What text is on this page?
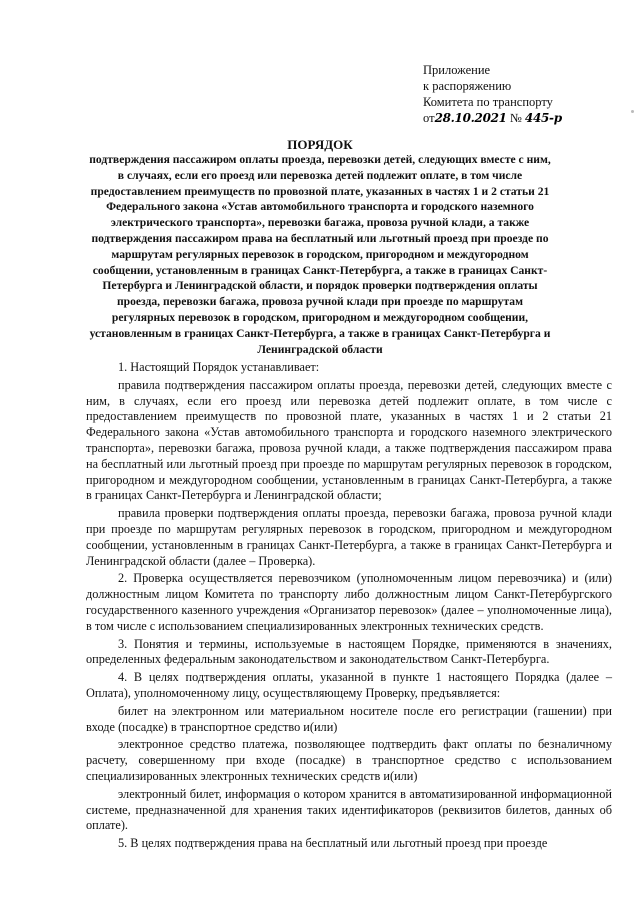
Приложение
к распоряжению
Комитета по транспорту
от28.10.2021 № 445-р
ПОРЯДОК
подтверждения пассажиром оплаты проезда, перевозки детей, следующих вместе с ним, в случаях, если его проезд или перевозка детей подлежит оплате, в том числе предоставлением преимуществ по провозной плате, указанных в частях 1 и 2 статьи 21 Федерального закона «Устав автомобильного транспорта и городского наземного электрического транспорта», перевозки багажа, провоза ручной клади, а также подтверждения пассажиром права на бесплатный или льготный проезд при проезде по маршрутам регулярных перевозок в городском, пригородном и междугородном сообщении, установленным в границах Санкт-Петербурга, а также в границах Санкт-Петербурга и Ленинградской области, и порядок проверки подтверждения оплаты проезда, перевозки багажа, провоза ручной клади при проезде по маршрутам регулярных перевозок в городском, пригородном и междугородном сообщении, установленным в границах Санкт-Петербурга, а также в границах Санкт-Петербурга и Ленинградской области

1. Настоящий Порядок устанавливает:

правила подтверждения пассажиром оплаты проезда, перевозки детей, следующих вместе с ним, в случаях, если его проезд или перевозка детей подлежит оплате, в том числе с предоставлением преимуществ по провозной плате, указанных в частях 1 и 2 статьи 21 Федерального закона «Устав автомобильного транспорта и городского наземного электрического транспорта», перевозки багажа, провоза ручной клади, а также подтверждения пассажиром права на бесплатный или льготный проезд при проезде по маршрутам регулярных перевозок в городском, пригородном и междугородном сообщении, установленным в границах Санкт-Петербурга, а также в границах Санкт-Петербурга и Ленинградской области;

правила проверки подтверждения оплаты проезда, перевозки багажа, провоза ручной клади при проезде по маршрутам регулярных перевозок в городском, пригородном и междугородном сообщении, установленным в границах Санкт-Петербурга, а также в границах Санкт-Петербурга и Ленинградской области (далее – Проверка).

2. Проверка осуществляется перевозчиком (уполномоченным лицом перевозчика) и (или) должностным лицом Комитета по транспорту либо должностным лицом Санкт-Петербургского государственного казенного учреждения «Организатор перевозок» (далее – уполномоченные лица), в том числе с использованием специализированных электронных технических средств.

3. Понятия и термины, используемые в настоящем Порядке, применяются в значениях, определенных федеральным законодательством и законодательством Санкт-Петербурга.

4. В целях подтверждения оплаты, указанной в пункте 1 настоящего Порядка (далее – Оплата), уполномоченному лицу, осуществляющему Проверку, предъявляется:

билет на электронном или материальном носителе после его регистрации (гашении) при входе (посадке) в транспортное средство и(или)

электронное средство платежа, позволяющее подтвердить факт оплаты по безналичному расчету, совершенному при входе (посадке) в транспортное средство с использованием специализированных электронных технических средств и(или)

электронный билет, информация о котором хранится в автоматизированной информационной системе, предназначенной для хранения таких идентификаторов (реквизитов билетов, данных об оплате).

5. В целях подтверждения права на бесплатный или льготный проезд при проезде
